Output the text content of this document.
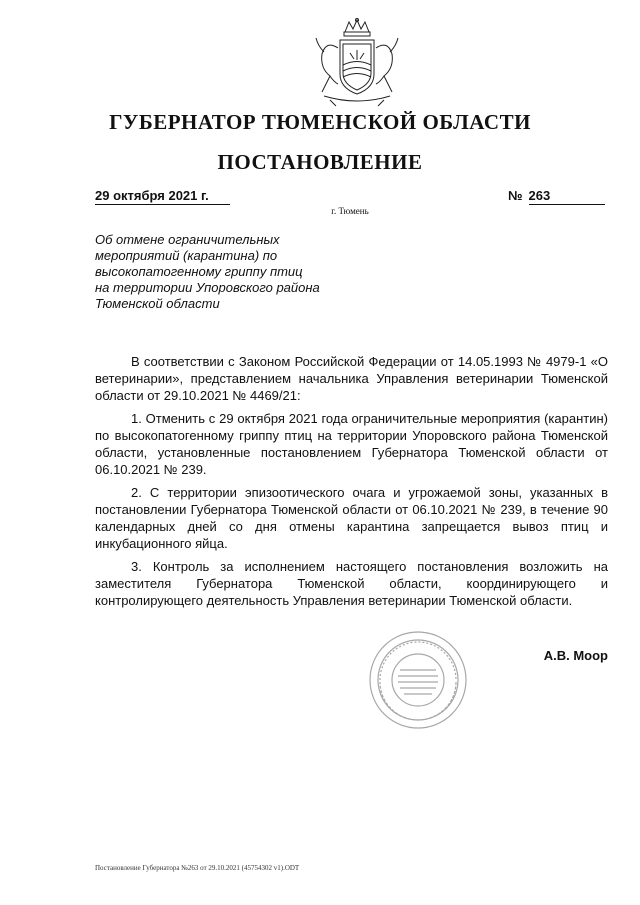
ГУБЕРНАТОР ТЮМЕНСКОЙ ОБЛАСТИ
ПОСТАНОВЛЕНИЕ
29 октября 2021 г.	№ 263
г. Тюмень
Об отмене ограничительных мероприятий (карантина) по высокопатогенному гриппу птиц на территории Упоровского района Тюменской области

В соответствии с Законом Российской Федерации от 14.05.1993 № 4979-1 «О ветеринарии», представлением начальника Управления ветеринарии Тюменской области от 29.10.2021 № 4469/21:

1. Отменить с 29 октября 2021 года ограничительные мероприятия (карантин) по высокопатогенному гриппу птиц на территории Упоровского района Тюменской области, установленные постановлением Губернатора Тюменской области от 06.10.2021 № 239.

2. С территории эпизоотического очага и угрожаемой зоны, указанных в постановлении Губернатора Тюменской области от 06.10.2021 № 239, в течение 90 календарных дней со дня отмены карантина запрещается вывоз птиц и инкубационного яйца.

3. Контроль за исполнением настоящего постановления возложить на заместителя Губернатора Тюменской области, координирующего и контролирующего деятельность Управления ветеринарии Тюменской области.

А.В. Моор
Постановление Губернатора №263 от 29.10.2021 (45754302 v1).ODT
